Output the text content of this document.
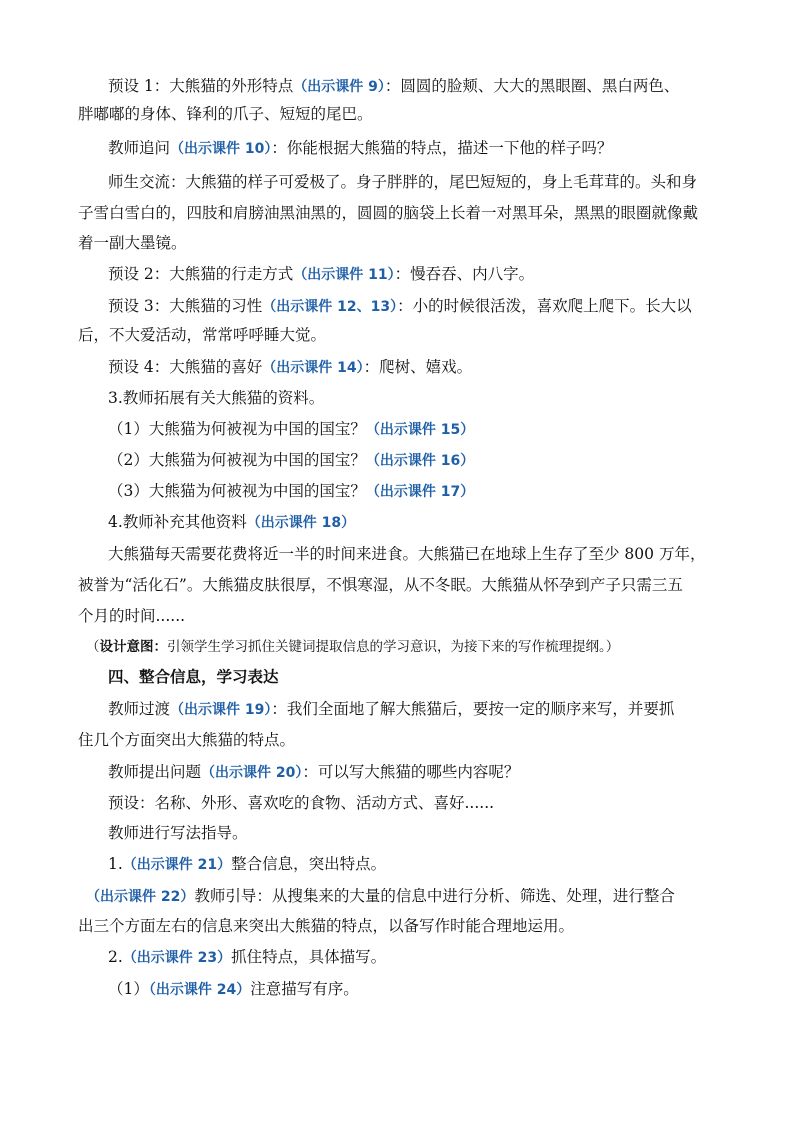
预设 1：大熊猫的外形特点（出示课件 9）：圆圆的脸颊、大大的黑眼圈、黑白两色、
胖嘟嘟的身体、锋利的爪子、短短的尾巴。
教师追问（出示课件 10）：你能根据大熊猫的特点，描述一下他的样子吗？
师生交流：大熊猫的样子可爱极了。身子胖胖的，尾巴短短的，身上毛茸茸的。头和身
子雪白雪白的，四肢和肩膀油黑油黑的，圆圆的脑袋上长着一对黑耳朵，黑黑的眼圈就像戴
着一副大墨镜。
预设 2：大熊猫的行走方式（出示课件 11）：慢吞吞、内八字。
预设 3：大熊猫的习性（出示课件 12、13）：小的时候很活泼，喜欢爬上爬下。长大以
后，不大爱活动，常常呼呼睡大觉。
预设 4：大熊猫的喜好（出示课件 14）：爬树、嬉戏。
3.教师拓展有关大熊猫的资料。
（1）大熊猫为何被视为中国的国宝？（出示课件 15）
（2）大熊猫为何被视为中国的国宝？（出示课件 16）
（3）大熊猫为何被视为中国的国宝？（出示课件 17）
4.教师补充其他资料（出示课件 18）
大熊猫每天需要花费将近一半的时间来进食。大熊猫已在地球上生存了至少 800 万年，
被誉为“活化石”。大熊猫皮肤很厚，不惧寒湿，从不冬眠。大熊猫从怀孕到产子只需三五
个月的时间......
（设计意图：引领学生学习抓住关键词提取信息的学习意识，为接下来的写作梳理提纲。）
四、整合信息，学习表达
教师过渡（出示课件 19）：我们全面地了解大熊猫后，要按一定的顺序来写，并要抓
住几个方面突出大熊猫的特点。
教师提出问题（出示课件 20）：可以写大熊猫的哪些内容呢？
预设：名称、外形、喜欢吃的食物、活动方式、喜好......
教师进行写法指导。
1.（出示课件 21）整合信息，突出特点。
（出示课件 22）教师引导：从搜集来的大量的信息中进行分析、筛选、处理，进行整合
出三个方面左右的信息来突出大熊猫的特点，以备写作时能合理地运用。
2.（出示课件 23）抓住特点，具体描写。
（1）（出示课件 24）注意描写有序。
